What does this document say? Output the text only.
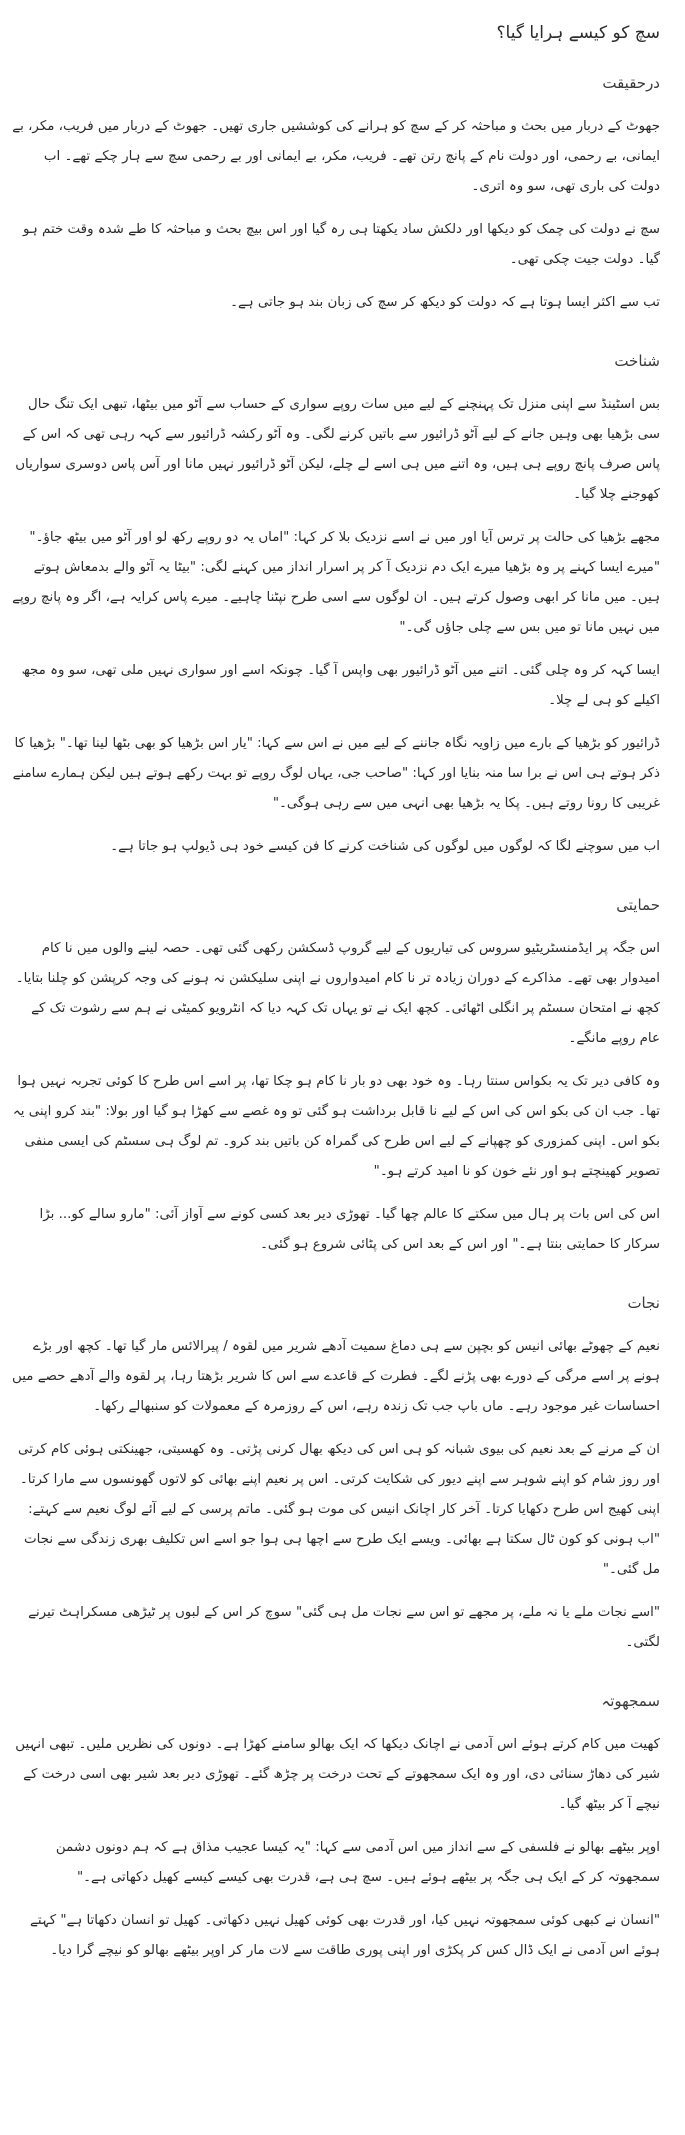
سچ کو کیسے ہرایا گیا؟
درحقیقت

جھوٹ کے دربار میں بحث و مباحثہ کر کے سچ کو ہرانے کی کوششیں جاری تھیں۔ جھوٹ کے دربار میں فریب، مکر، بے ایمانی، بے رحمی، اور دولت نام کے پانچ رتن تھے۔ فریب، مکر، بے ایمانی اور بے رحمی سچ سے ہار چکے تھے۔ اب دولت کی باری تھی، سو وہ اتری۔

سچ نے دولت کی چمک کو دیکھا اور دلکش ساد یکھتا ہی رہ گیا اور اس بیچ بحث و مباحثہ کا طے شدہ وقت ختم ہو گیا۔ دولت جیت چکی تھی۔

تب سے اکثر ایسا ہوتا ہے کہ دولت کو دیکھ کر سچ کی زبان بند ہو جاتی ہے۔

شناخت

بس اسٹینڈ سے اپنی منزل تک پہنچنے کے لیے میں سات روپے سواری کے حساب سے آٹو میں بیٹھا، تبھی ایک تنگ حال سی بڑھیا بھی وہیں جانے کے لیے آٹو ڈرائیور سے باتیں کرنے لگی۔ وہ آٹو رکشہ ڈرائیور سے کہہ رہی تھی کہ اس کے پاس صرف پانچ روپے ہی ہیں، وہ اتنے میں ہی اسے لے چلے، لیکن آٹو ڈرائیور نہیں مانا اور آس پاس دوسری سواریاں کھوجنے چلا گیا۔

مجھے بڑھیا کی حالت پر ترس آیا اور میں نے اسے نزدیک بلا کر کہا: "اماں یہ دو روپے رکھ لو اور آٹو میں بیٹھ جاؤ۔" "میرے ایسا کہنے پر وہ بڑھیا میرے ایک دم نزدیک آ کر پر اسرار انداز میں کہنے لگی: "بیٹا یہ آٹو والے بدمعاش ہوتے ہیں۔ میں مانا کر ابھی وصول کرتے ہیں۔ ان لوگوں سے اسی طرح نپٹنا چاہیے۔ میرے پاس کرایہ ہے، اگر وہ پانچ روپے میں نہیں مانا تو میں بس سے چلی جاؤں گی۔"

ایسا کہہ کر وہ چلی گئی۔ اتنے میں آٹو ڈرائیور بھی واپس آ گیا۔ چونکہ اسے اور سواری نہیں ملی تھی، سو وہ مجھ اکیلے کو ہی لے چلا۔

ڈرائیور کو بڑھیا کے بارے میں زاویہ نگاہ جاننے کے لیے میں نے اس سے کہا: "یار اس بڑھیا کو بھی بٹھا لینا تھا۔" بڑھیا کا ذکر ہوتے ہی اس نے برا سا منہ بنایا اور کہا: "صاحب جی، یہاں لوگ روپے تو بہت رکھے ہوتے ہیں لیکن ہمارے سامنے غریبی کا رونا روتے ہیں۔ پکا یہ بڑھیا بھی انہی میں سے رہی ہوگی۔"

اب میں سوچنے لگا کہ لوگوں میں لوگوں کی شناخت کرنے کا فن کیسے خود ہی ڈیولپ ہو جاتا ہے۔

حمایتی

اس جگہ پر ایڈمنسٹریٹیو سروس کی تیاریوں کے لیے گروپ ڈسکشن رکھی گئی تھی۔ حصہ لینے والوں میں نا کام امیدوار بھی تھے۔ مذاکرے کے دوران زیادہ تر نا کام امیدواروں نے اپنی سلیکشن نہ ہونے کی وجہ کرپشن کو چلنا بتایا۔ کچھ نے امتحان سسٹم پر انگلی اٹھائی۔ کچھ ایک نے تو یہاں تک کہہ دیا کہ انٹرویو کمیٹی نے ہم سے رشوت تک کے عام روپے مانگے۔

وہ کافی دیر تک یہ بکواس سنتا رہا۔ وہ خود بھی دو بار نا کام ہو چکا تھا، پر اسے اس طرح کا کوئی تجربہ نہیں ہوا تھا۔ جب ان کی بکو اس کی اس کے لیے نا قابل برداشت ہو گئی تو وہ غصے سے کھڑا ہو گیا اور بولا: "بند کرو اپنی یہ بکو اس۔ اپنی کمزوری کو چھپانے کے لیے اس طرح کی گمراہ کن باتیں بند کرو۔ تم لوگ ہی سسٹم کی ایسی منفی تصویر کھینچتے ہو اور نئے خون کو نا امید کرتے ہو۔"

اس کی اس بات پر ہال میں سکتے کا عالم چھا گیا۔ تھوڑی دیر بعد کسی کونے سے آواز آئی: "مارو سالے کو... بڑا سرکار کا حمایتی بنتا ہے۔" اور اس کے بعد اس کی پٹائی شروع ہو گئی۔

نجات

نعیم کے چھوٹے بھائی انیس کو بچپن سے ہی دماغ سمیت آدھے شریر میں لقوہ / پیرالائس مار گیا تھا۔ کچھ اور بڑے ہونے پر اسے مرگی کے دورے بھی پڑنے لگے۔ فطرت کے قاعدے سے اس کا شریر بڑھتا رہا، پر لقوہ والے آدھے حصے میں احساسات غیر موجود رہے۔ ماں باپ جب تک زندہ رہے، اس کے روزمرہ کے معمولات کو سنبھالے رکھا۔

ان کے مرنے کے بعد نعیم کی بیوی شبانہ کو ہی اس کی دیکھ بھال کرنی پڑتی۔ وہ کھسیتی، جھینکتی ہوئی کام کرتی اور روز شام کو اپنے شوہر سے اپنے دیور کی شکایت کرتی۔ اس پر نعیم اپنے بھائی کو لاتوں گھونسوں سے مارا کرتا۔ اپنی کھیج اس طرح دکھایا کرتا۔ آخر کار اچانک انیس کی موت ہو گئی۔ ماتم پرسی کے لیے آئے لوگ نعیم سے کہتے: "اب ہونی کو کون ٹال سکتا ہے بھائی۔ ویسے ایک طرح سے اچھا ہی ہوا جو اسے اس تکلیف بھری زندگی سے نجات مل گئی۔"

"اسے نجات ملے یا نہ ملے، پر مجھے تو اس سے نجات مل ہی گئی" سوچ کر اس کے لبوں پر ٹیڑھی مسکراہٹ تیرنے لگتی۔

سمجھوتہ

کھیت میں کام کرتے ہوئے اس آدمی نے اچانک دیکھا کہ ایک بھالو سامنے کھڑا ہے۔ دونوں کی نظریں ملیں۔ تبھی انہیں شیر کی دھاڑ سنائی دی، اور وہ ایک سمجھوتے کے تحت درخت پر چڑھ گئے۔ تھوڑی دیر بعد شیر بھی اسی درخت کے نیچے آ کر بیٹھ گیا۔

اوپر بیٹھے بھالو نے فلسفی کے سے انداز میں اس آدمی سے کہا: "یہ کیسا عجیب مذاق ہے کہ ہم دونوں دشمن سمجھوتہ کر کے ایک ہی جگہ پر بیٹھے ہوئے ہیں۔ سچ ہی ہے، قدرت بھی کیسے کیسے کھیل دکھاتی ہے۔"

"انسان نے کبھی کوئی سمجھوتہ نہیں کیا، اور قدرت بھی کوئی کھیل نہیں دکھاتی۔ کھیل تو انسان دکھاتا ہے" کہتے ہوئے اس آدمی نے ایک ڈال کس کر پکڑی اور اپنی پوری طاقت سے لات مار کر اوپر بیٹھے بھالو کو نیچے گرا دیا۔
